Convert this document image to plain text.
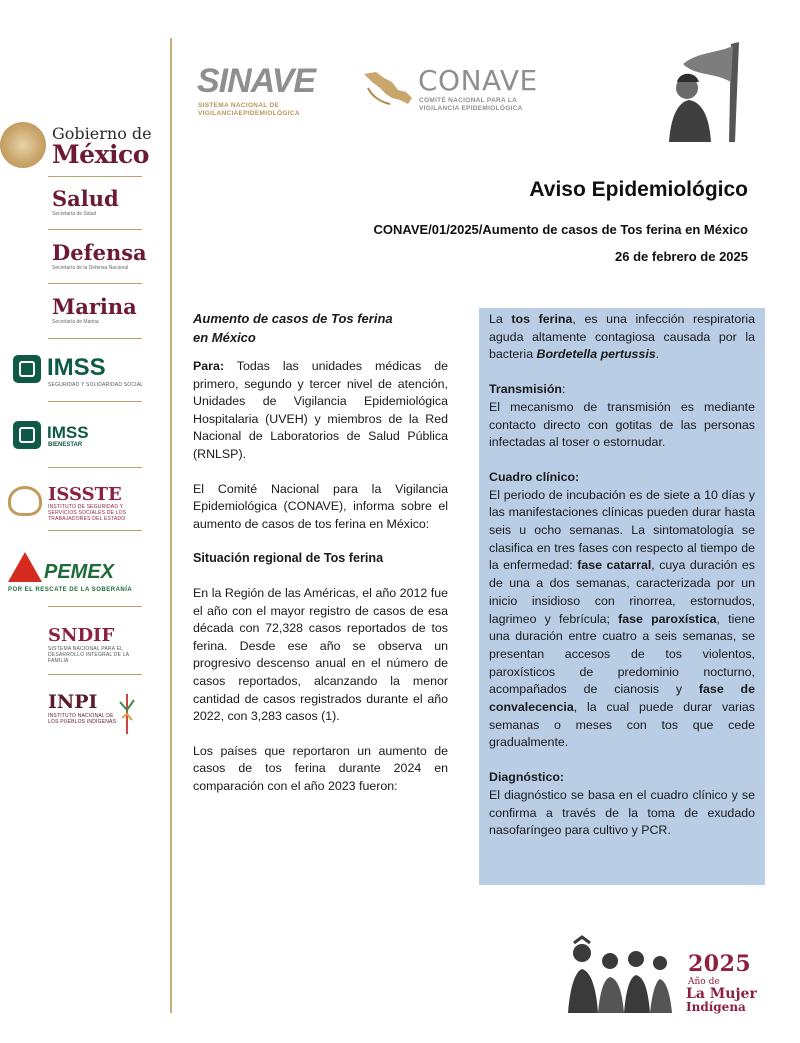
SINAVE
SISTEMA NACIONAL DE
VIGILANCIAEPIDEMIOLÓGICA
CONAVE
COMITÉ NACIONAL PARA LA
VIGILANCIA EPIDEMIOLÓGICA
Gobierno de
México
Salud
Secretaría de Salud
Defensa
Secretaría de la Defensa Nacional
Marina
Secretaría de Marina
IMSS
SEGURIDAD Y SOLIDARIDAD SOCIAL
IMSS
BIENESTAR
ISSSTE
INSTITUTO DE SEGURIDAD Y SERVICIOS SOCIALES DE LOS TRABAJADORES DEL ESTADO
PEMEX
POR EL RESCATE DE LA SOBERANÍA
SNDIF
SISTEMA NACIONAL PARA EL DESARROLLO INTEGRAL DE LA FAMILIA
INPI
INSTITUTO NACIONAL DE LOS PUEBLOS INDÍGENAS
Aviso Epidemiológico
CONAVE/01/2025/Aumento de casos de Tos ferina en México
26 de febrero de 2025
Aumento de casos de Tos ferina
en México

Para: Todas las unidades médicas de primero, segundo y tercer nivel de atención, Unidades de Vigilancia Epidemiológica Hospitalaria (UVEH) y miembros de la Red Nacional de Laboratorios de Salud Pública (RNLSP).

El Comité Nacional para la Vigilancia Epidemiológica (CONAVE), informa sobre el aumento de casos de tos ferina en México:

Situación regional de Tos ferina

En la Región de las Américas, el año 2012 fue el año con el mayor registro de casos de esa década con 72,328 casos reportados de tos ferina. Desde ese año se observa un progresivo descenso anual en el número de casos reportados, alcanzando la menor cantidad de casos registrados durante el año 2022, con 3,283 casos (1).

Los países que reportaron un aumento de casos de tos ferina durante 2024 en comparación con el año 2023 fueron:

La tos ferina, es una infección respiratoria aguda altamente contagiosa causada por la bacteria Bordetella pertussis.

Transmisión:
El mecanismo de transmisión es mediante contacto directo con gotitas de las personas infectadas al toser o estornudar.

Cuadro clínico:
El periodo de incubación es de siete a 10 días y las manifestaciones clínicas pueden durar hasta seis u ocho semanas. La sintomatología se clasifica en tres fases con respecto al tiempo de la enfermedad: fase catarral, cuya duración es de una a dos semanas, caracterizada por un inicio insidioso con rinorrea, estornudos, lagrimeo y febrícula; fase paroxística, tiene una duración entre cuatro a seis semanas, se presentan accesos de tos violentos, paroxísticos de predominio nocturno, acompañados de cianosis y fase de convalecencia, la cual puede durar varias semanas o meses con tos que cede gradualmente.

Diagnóstico:
El diagnóstico se basa en el cuadro clínico y se confirma a través de la toma de exudado nasofaríngeo para cultivo y PCR.

2025
Año de
La Mujer
Indígena
